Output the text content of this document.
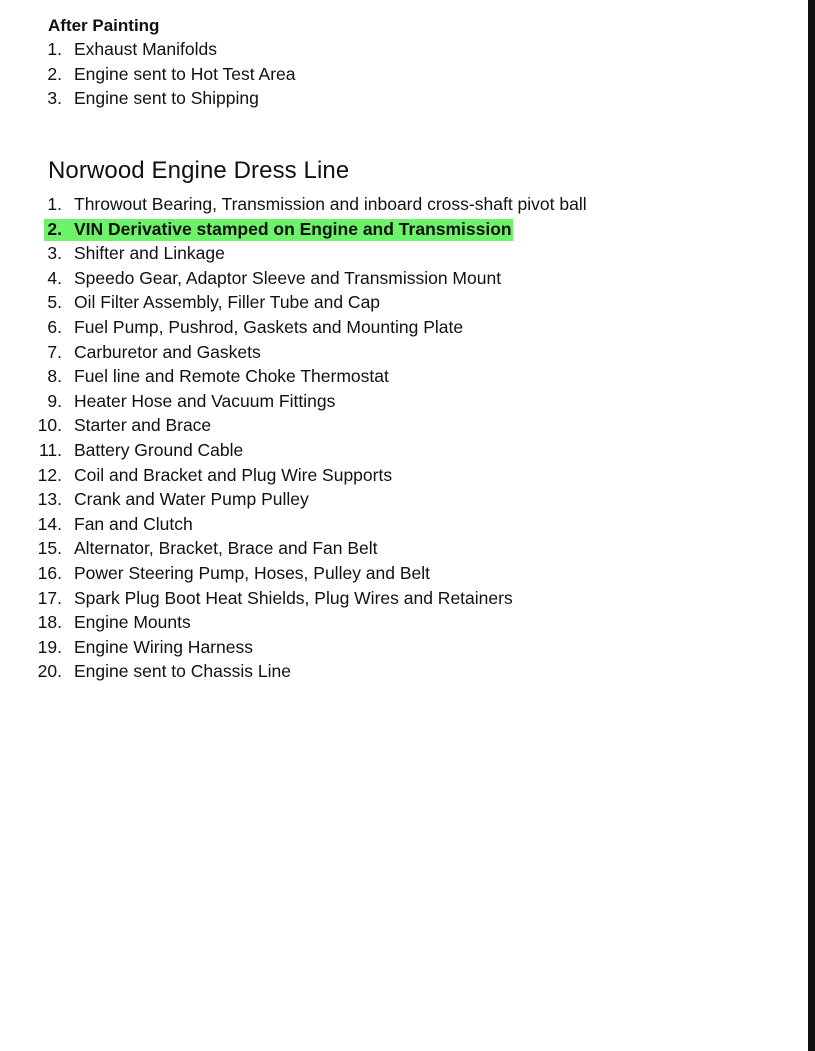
After Painting
1. Exhaust Manifolds
2. Engine sent to Hot Test Area
3. Engine sent to Shipping
Norwood Engine Dress Line
1. Throwout Bearing, Transmission and inboard cross-shaft pivot ball
2. VIN Derivative stamped on Engine and Transmission
3. Shifter and Linkage
4. Speedo Gear, Adaptor Sleeve and Transmission Mount
5. Oil Filter Assembly, Filler Tube and Cap
6. Fuel Pump, Pushrod, Gaskets and Mounting Plate
7. Carburetor and Gaskets
8. Fuel line and Remote Choke Thermostat
9. Heater Hose and Vacuum Fittings
10. Starter and Brace
11. Battery Ground Cable
12. Coil and Bracket and Plug Wire Supports
13. Crank and Water Pump Pulley
14. Fan and Clutch
15. Alternator, Bracket, Brace and Fan Belt
16. Power Steering Pump, Hoses, Pulley and Belt
17. Spark Plug Boot Heat Shields, Plug Wires and Retainers
18. Engine Mounts
19. Engine Wiring Harness
20. Engine sent to Chassis Line
